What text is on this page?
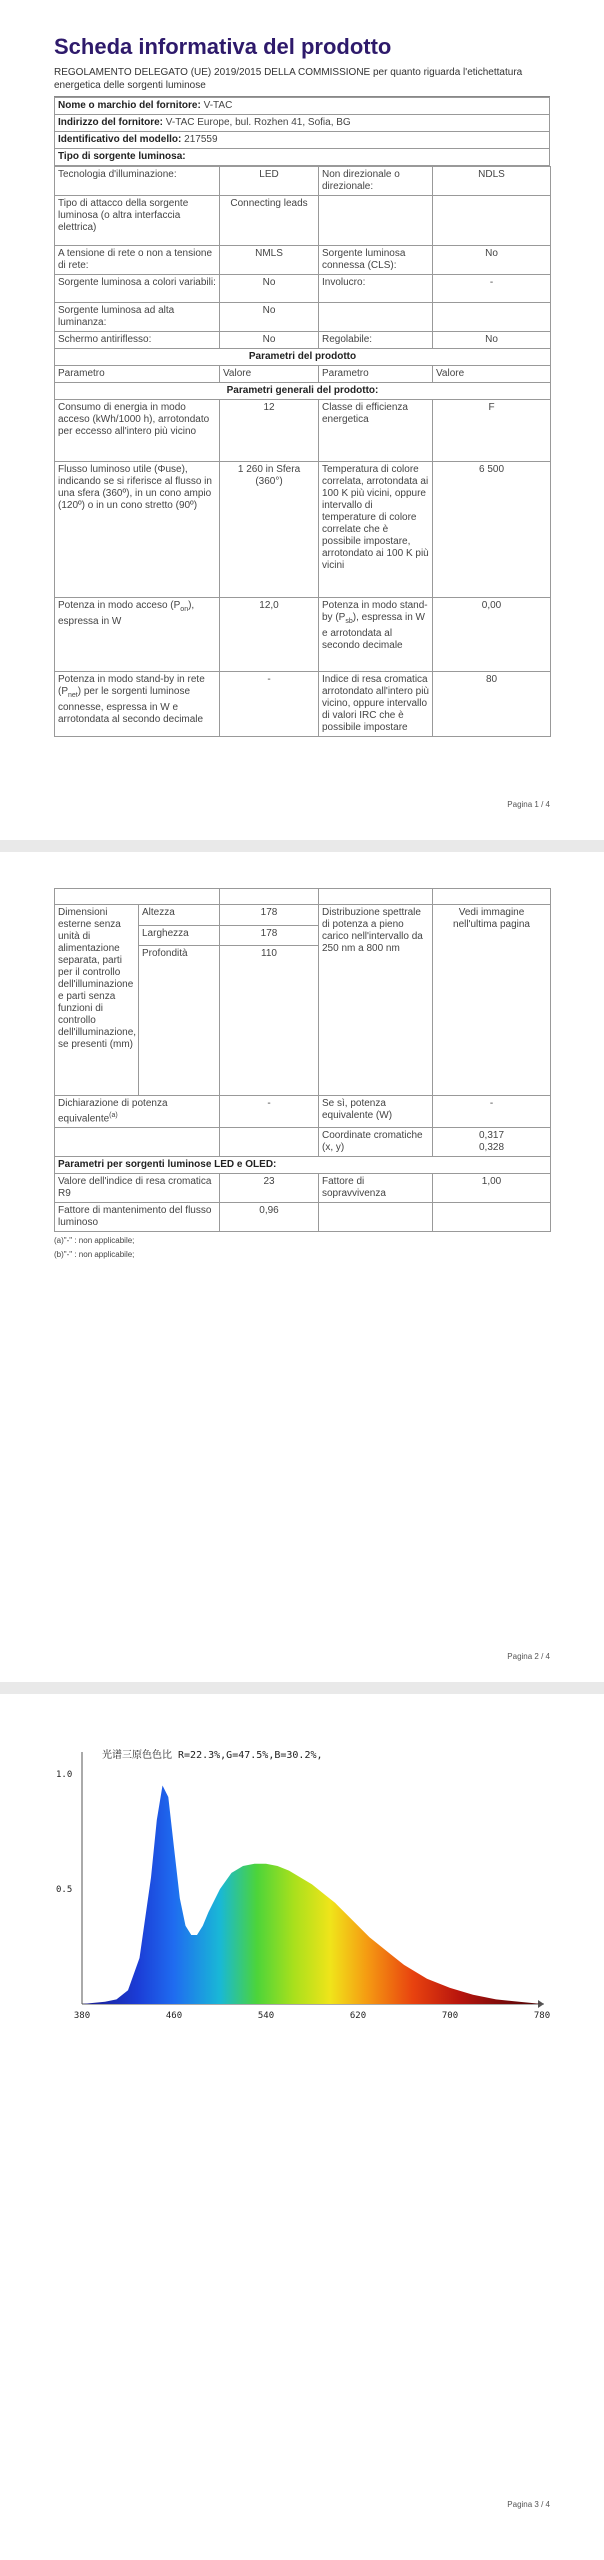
Scheda informativa del prodotto
REGOLAMENTO DELEGATO (UE) 2019/2015 DELLA COMMISSIONE per quanto riguarda l'etichettatura energetica delle sorgenti luminose
Nome o marchio del fornitore: V-TAC
Indirizzo del fornitore: V-TAC Europe, bul. Rozhen 41, Sofia, BG
Identificativo del modello: 217559
Tipo di sorgente luminosa:
Tecnologia d'illuminazione:	LED	Non direzionale o direzionale:	NDLS
Tipo di attacco della sorgente luminosa (o altra interfaccia elettrica)	Connecting leads		
A tensione di rete o non a tensione di rete:	NMLS	Sorgente luminosa connessa (CLS):	No
Sorgente luminosa a colori variabili:	No	Involucro:	-
Sorgente luminosa ad alta luminanza:	No		
Schermo antiriflesso:	No	Regolabile:	No
Parametri del prodotto			
Parametro	Valore	Parametro	Valore
Parametri generali del prodotto:			
Consumo di energia in modo acceso (kWh/1000 h), arrotondato per eccesso all'intero più vicino	12	Classe di efficienza energetica	F
Flusso luminoso utile (Φuse), indicando se si riferisce al flusso in una sfera (360º), in un cono ampio (120º) o in un cono stretto (90º)	1 260 in Sfera (360°)	Temperatura di colore correlata, arrotondata ai 100 K più vicini, oppure intervallo di temperature di colore correlate che è possibile impostare, arrotondato ai 100 K più vicini	6 500
Potenza in modo acceso $(P_{on})$, espressa in W	12,0	Potenza in modo stand-by $(P_{sb})$, espressa in W e arrotondata al secondo decimale	0,00
Potenza in modo stand-by in rete $(P_{net})$ per le sorgenti luminose connesse, espressa in W e arrotondata al secondo decimale	-	Indice di resa cromatica arrotondato all'intero più vicino, oppure intervallo di valori IRC che è possibile impostare	80
Pagina 1 / 4

Dimensioni esterne senza unità di alimentazione separata, parti per il controllo dell'illuminazione e parti senza funzioni di controllo dell'illuminazione, se presenti (mm)	Altezza	178	Distribuzione spettrale di potenza a pieno carico nell'intervallo da 250 nm a 800 nm	Vedi immagine nell'ultima pagina
	Larghezza	178		
	Profondità	110		
Dichiarazione di potenza equivalente$^{(a)}$		-	Se sì, potenza equivalente (W)	-
			Coordinate cromatiche (x, y)	0,317
0,328

Parametri per sorgenti luminose LED e OLED:				
Valore dell'indice di resa cromatica R9		23	Fattore di sopravvivenza	1,00
Fattore di mantenimento del flusso luminoso		0,96		
(a)"-" : non applicabile;
(b)"-" : non applicabile;
Pagina 2 / 4
光谱三原色色比 R=22.3%,G=47.5%,B=30.2%,
380	460	540	620	700	780
1.0
0.5
Pagina 3 / 4
